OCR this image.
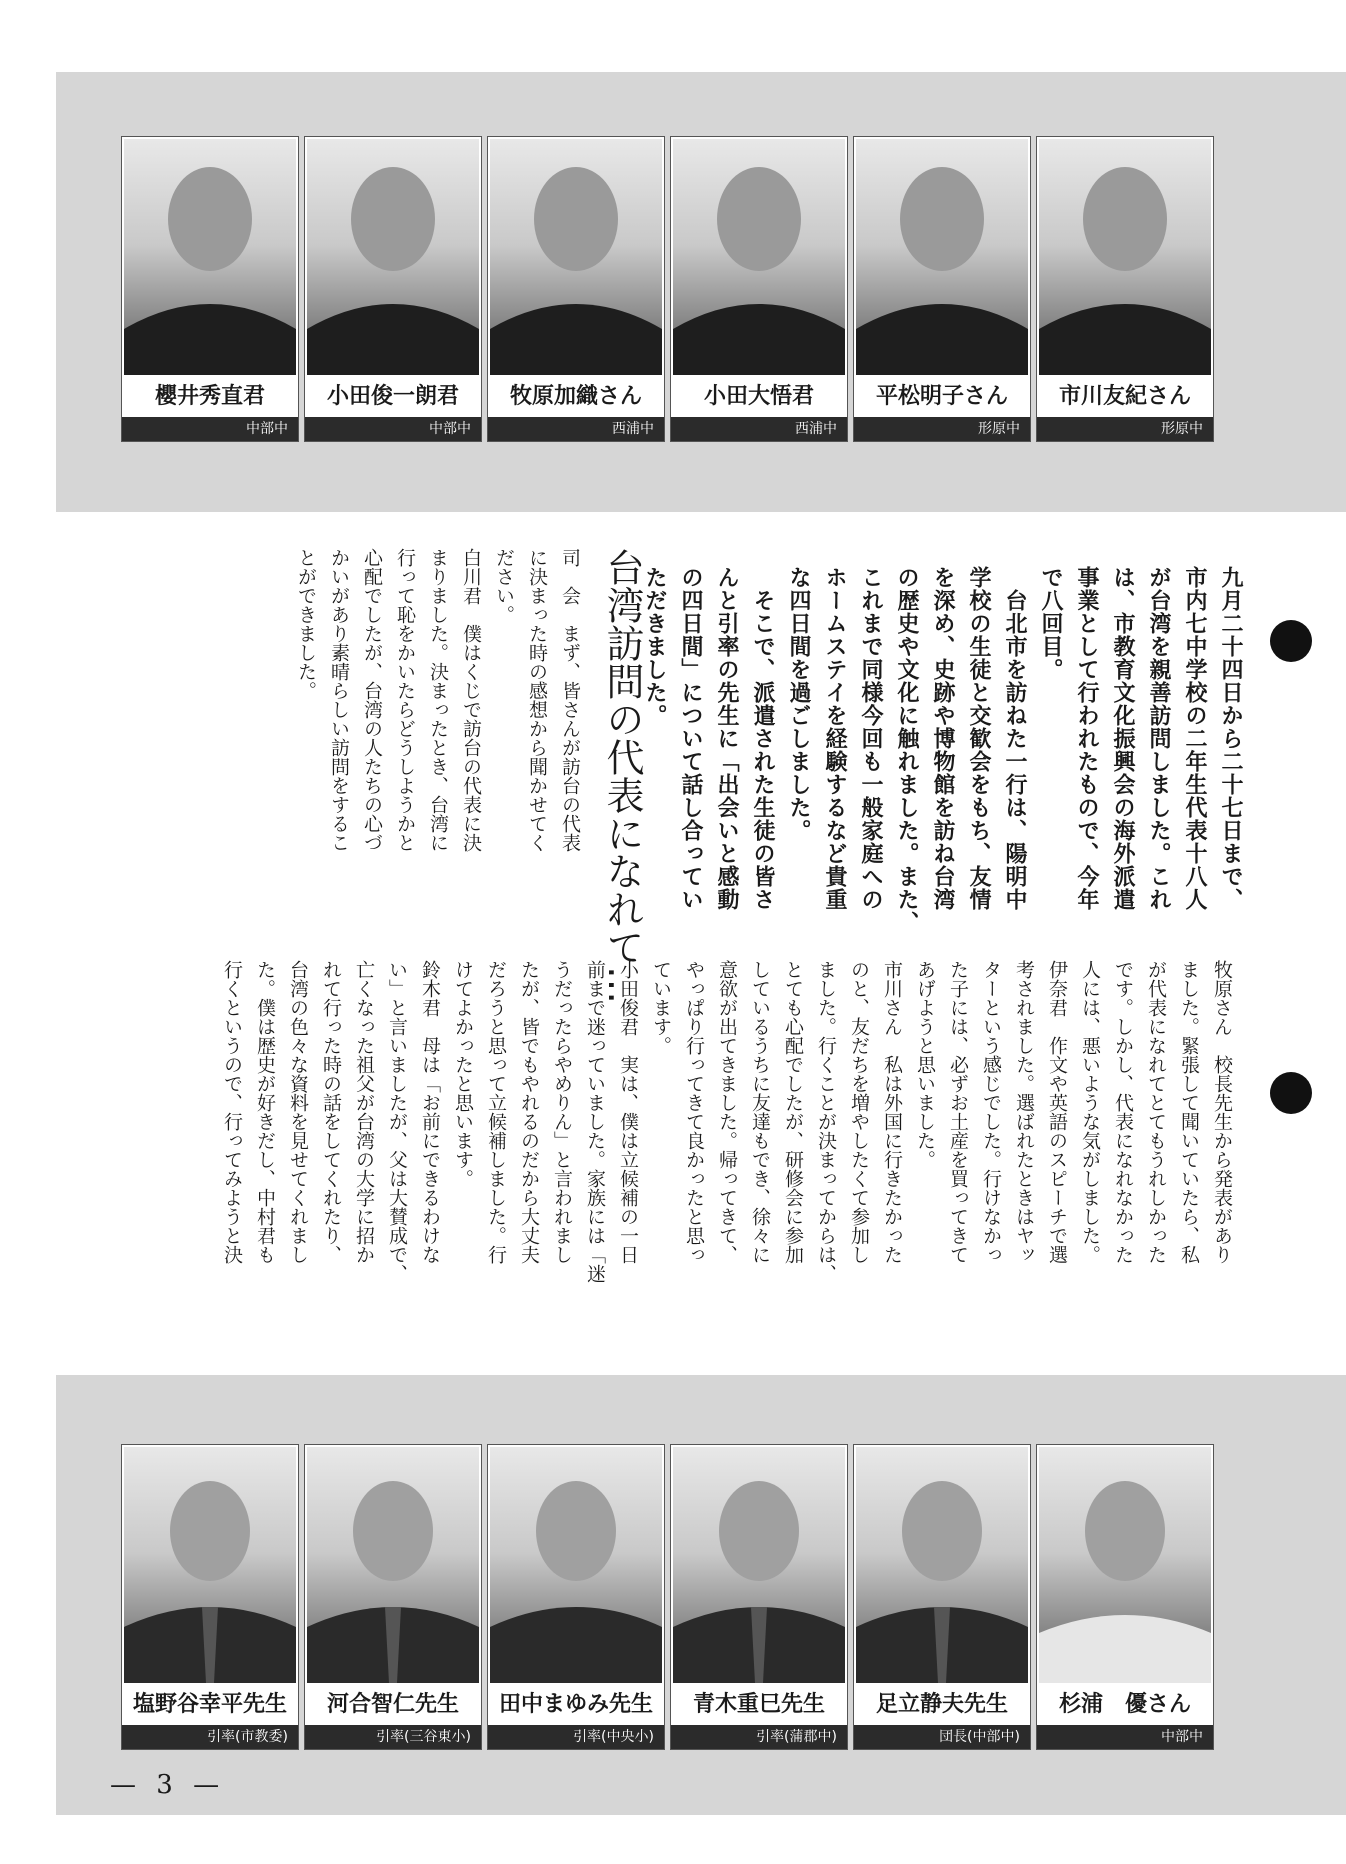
櫻井秀直君
中部中
小田俊一朗君
中部中
牧原加織さん
西浦中
小田大悟君
西浦中
平松明子さん
形原中
市川友紀さん
形原中
九月二十四日から二十七日まで、
市内七中学校の二年生代表十八人
が台湾を親善訪問しました。これ
は、市教育文化振興会の海外派遣
事業として行われたもので、今年
で八回目。
　台北市を訪ねた一行は、陽明中
学校の生徒と交歓会をもち、友情
を深め、史跡や博物館を訪ね台湾
の歴史や文化に触れました。また、
これまで同様今回も一般家庭への
ホームステイを経験するなど貴重
な四日間を過ごしました。
　そこで、派遣された生徒の皆さ
んと引率の先生に「出会いと感動
の四日間」について話し合ってい
ただきました。
台湾訪問の代表になれて…
司　会　まず、皆さんが訪台の代表
に決まった時の感想から聞かせてく
ださい。
白川君　僕はくじで訪台の代表に決
まりました。決まったとき、台湾に
行って恥をかいたらどうしようかと
心配でしたが、台湾の人たちの心づ
かいがあり素晴らしい訪問をするこ
とができました。
牧原さん　校長先生から発表があり
ました。緊張して聞いていたら、私
が代表になれてとてもうれしかった
です。しかし、代表になれなかった
人には、悪いような気がしました。
伊奈君　作文や英語のスピーチで選
考されました。選ばれたときはヤッ
ターという感じでした。行けなかっ
た子には、必ずお土産を買ってきて
あげようと思いました。
市川さん　私は外国に行きたかった
のと、友だちを増やしたくて参加し
ました。行くことが決まってからは、
とても心配でしたが、研修会に参加
しているうちに友達もでき、徐々に
意欲が出てきました。帰ってきて、
やっぱり行ってきて良かったと思っ
ています。
小田俊君　実は、僕は立候補の一日
前まで迷っていました。家族には「迷
うだったらやめりん」と言われまし
たが、皆でもやれるのだから大丈夫
だろうと思って立候補しました。行
けてよかったと思います。
鈴木君　母は「お前にできるわけな
い」と言いましたが、父は大賛成で、
亡くなった祖父が台湾の大学に招か
れて行った時の話をしてくれたり、
台湾の色々な資料を見せてくれまし
た。僕は歴史が好きだし、中村君も
行くというので、行ってみようと決
塩野谷幸平先生
引率(市教委)
河合智仁先生
引率(三谷東小)
田中まゆみ先生
引率(中央小)
青木重巳先生
引率(蒲郡中)
足立静夫先生
団長(中部中)
杉浦　優さん
中部中
— 3 —
